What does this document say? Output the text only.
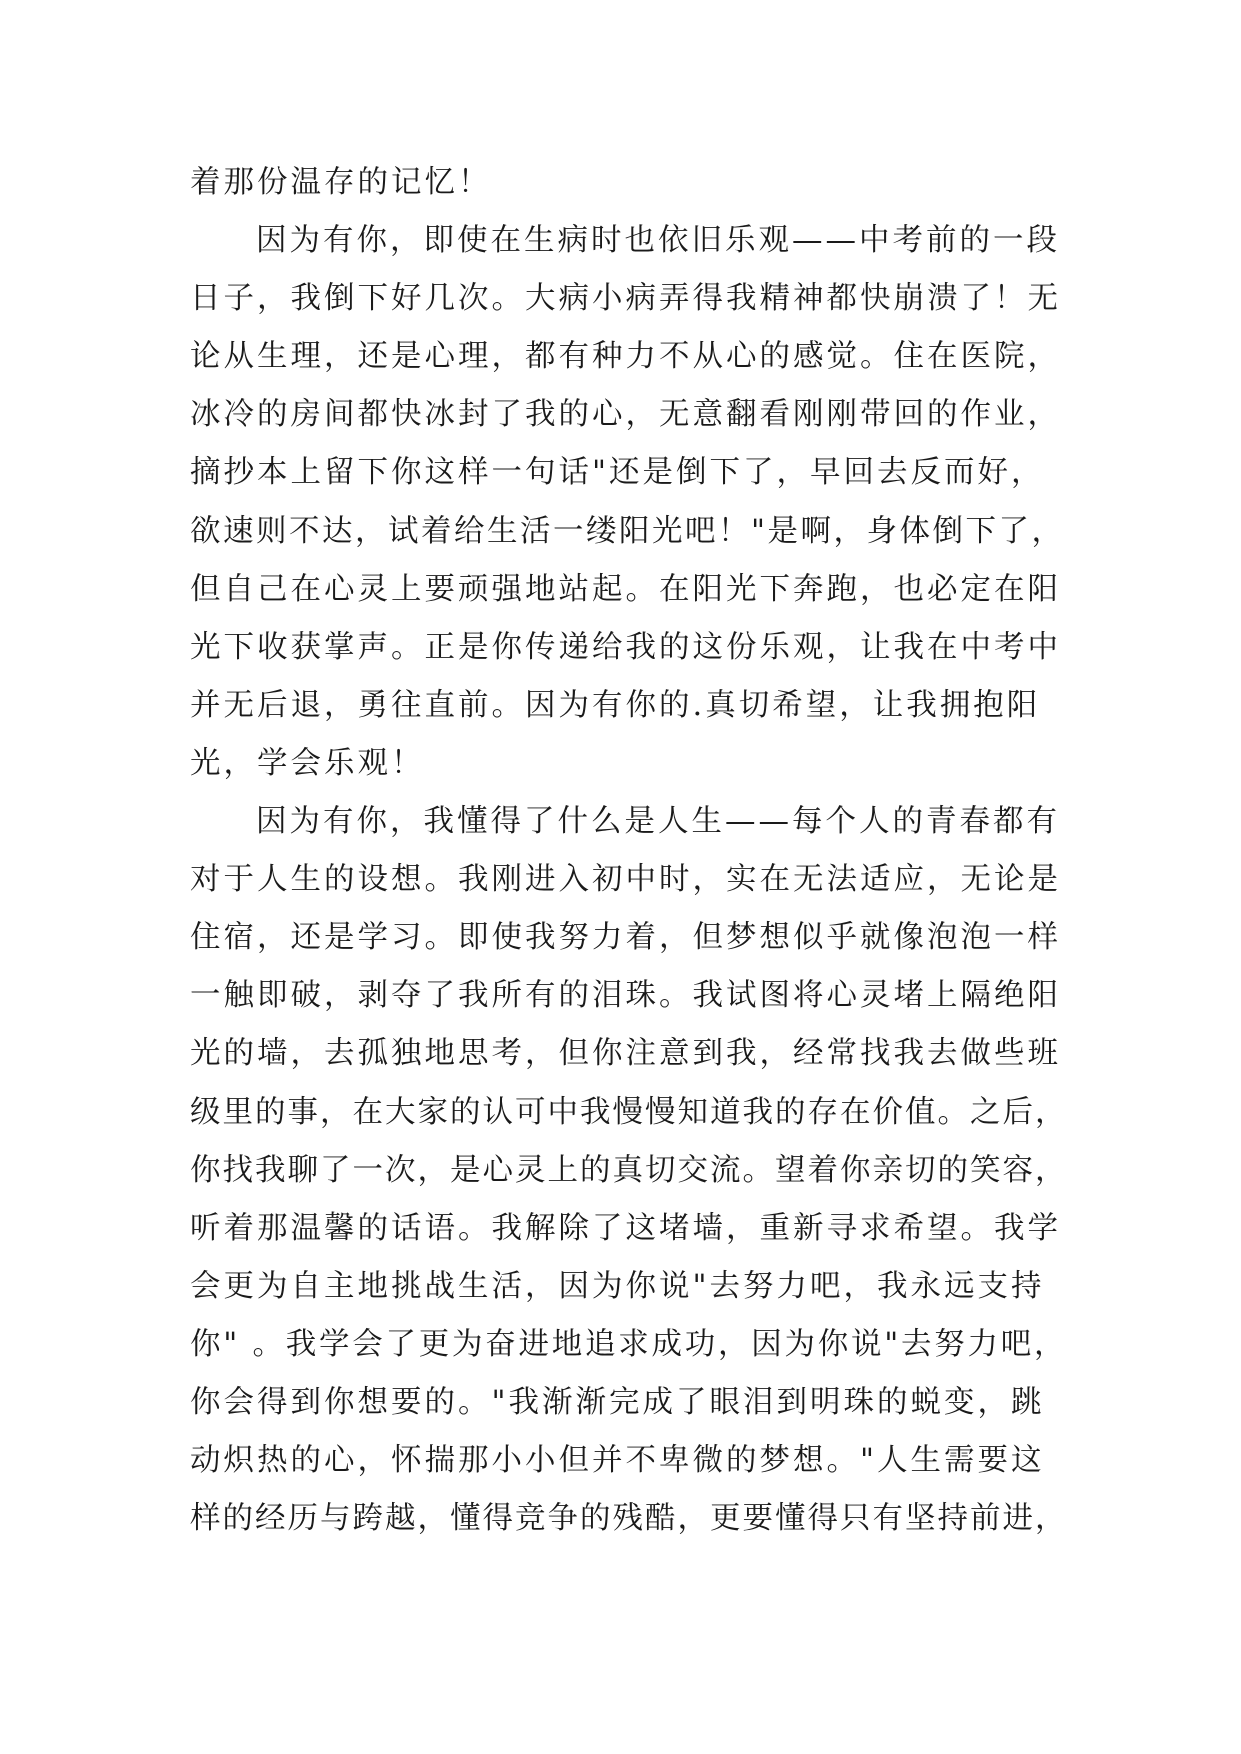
着那份温存的记忆！
因为有你，即使在生病时也依旧乐观——中考前的一段
日子，我倒下好几次。大病小病弄得我精神都快崩溃了！无
论从生理，还是心理，都有种力不从心的感觉。住在医院，
冰冷的房间都快冰封了我的心，无意翻看刚刚带回的作业，
摘抄本上留下你这样一句话"还是倒下了，早回去反而好，
欲速则不达，试着给生活一缕阳光吧！"是啊，身体倒下了，
但自己在心灵上要顽强地站起。在阳光下奔跑，也必定在阳
光下收获掌声。正是你传递给我的这份乐观，让我在中考中
并无后退，勇往直前。因为有你的.真切希望，让我拥抱阳
光，学会乐观！
因为有你，我懂得了什么是人生——每个人的青春都有
对于人生的设想。我刚进入初中时，实在无法适应，无论是
住宿，还是学习。即使我努力着，但梦想似乎就像泡泡一样
一触即破，剥夺了我所有的泪珠。我试图将心灵堵上隔绝阳
光的墙，去孤独地思考，但你注意到我，经常找我去做些班
级里的事，在大家的认可中我慢慢知道我的存在价值。之后，
你找我聊了一次，是心灵上的真切交流。望着你亲切的笑容，
听着那温馨的话语。我解除了这堵墙，重新寻求希望。我学
会更为自主地挑战生活，因为你说"去努力吧，我永远支持
你" 。我学会了更为奋进地追求成功，因为你说"去努力吧，
你会得到你想要的。"我渐渐完成了眼泪到明珠的蜕变，跳
动炽热的心，怀揣那小小但并不卑微的梦想。"人生需要这
样的经历与跨越，懂得竞争的残酷，更要懂得只有坚持前进，
